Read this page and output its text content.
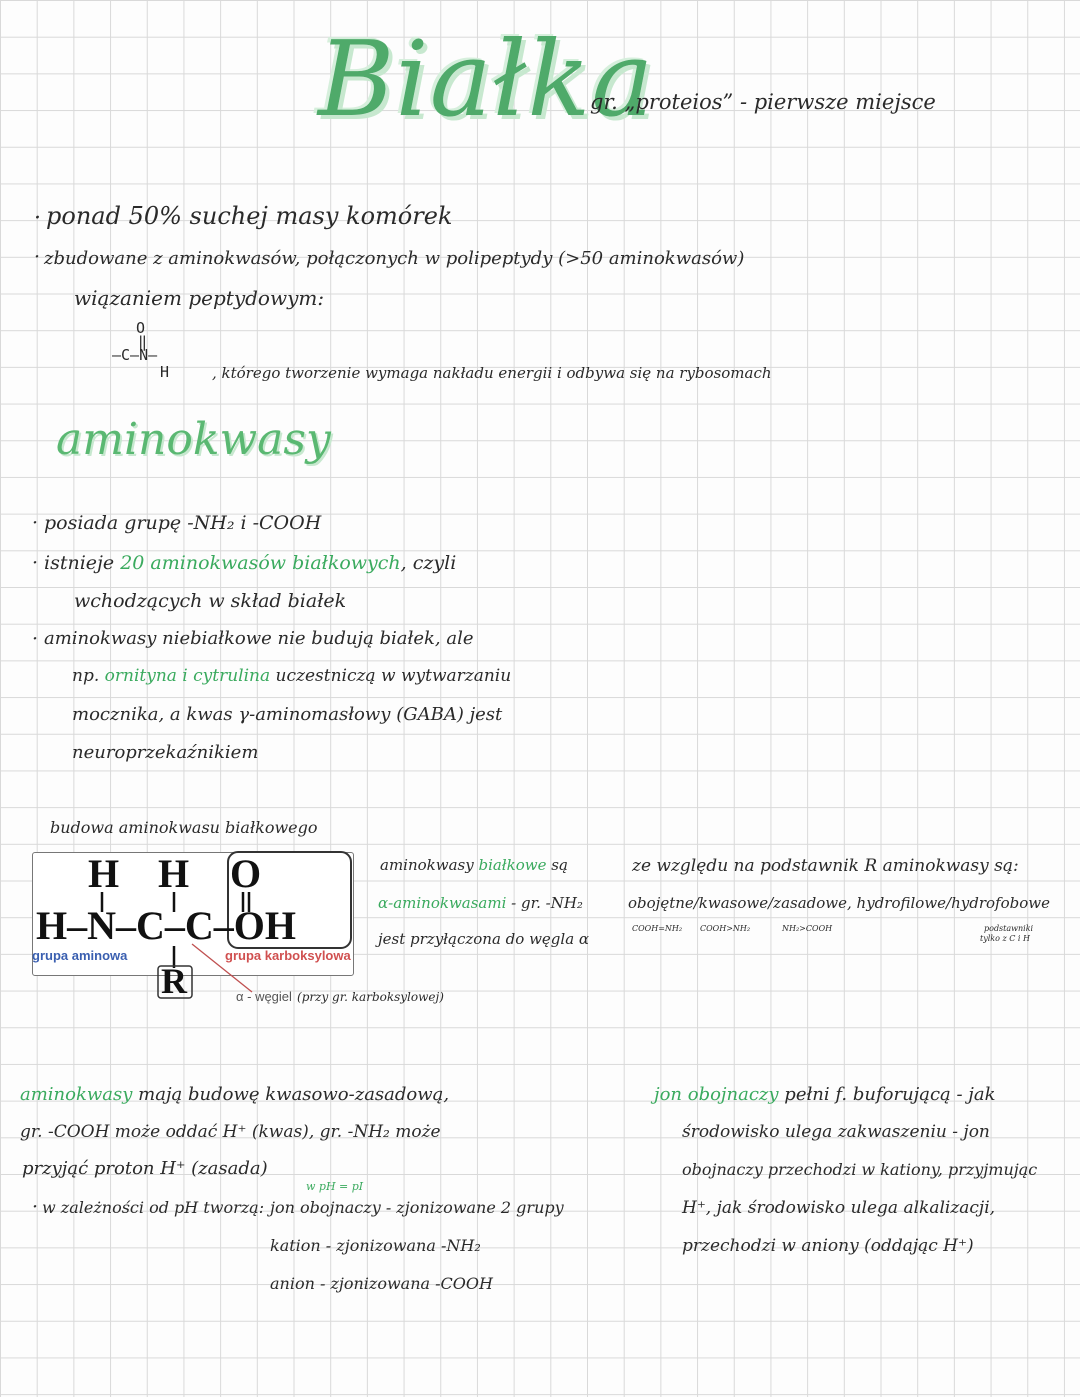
Białka
gr. „proteios” - pierwsze miejsce
· ponad 50% suchej masy komórek
· zbudowane z aminokwasów, połączonych w polipeptydy (>50 aminokwasów)
wiązaniem peptydowym:
O
‖
—C–N—
H	, którego tworzenie wymaga nakładu energii i odbywa się na rybosomach
aminokwasy
· posiada grupę -NH₂ i -COOH
· istnieje 20 aminokwasów białkowych, czyli
wchodzących w skład białek
· aminokwasy niebiałkowe nie budują białek, ale
np. ornityna i cytrulina uczestniczą w wytwarzaniu
mocznika, a kwas γ-aminomasłowy (GABA) jest
neuroprzekaźnikiem
budowa aminokwasu białkowego
H H O
H–N–C–C–OH
R
grupa aminowa	grupa karboksylowa
α - węgiel (przy gr. karboksylowej)
aminokwasy białkowe są
α-aminokwasami - gr. -NH₂
jest przyłączona do węgla α
ze względu na podstawnik R aminokwasy są:
obojętne/kwasowe/zasadowe, hydrofilowe/hydrofobowe
COOH=NH₂ COOH>NH₂	NH₂>COOH	podstawniki
tylko z C i H
aminokwasy mają budowę kwasowo-zasadową,
gr. -COOH może oddać H⁺ (kwas), gr. -NH₂ może
przyjąć proton H⁺ (zasada)
· w zależności od pH tworzą:
w pH = pI
jon obojnaczy - zjonizowane 2 grupy
kation - zjonizowana -NH₂
anion - zjonizowana -COOH
jon obojnaczy pełni f. buforującą - jak
środowisko ulega zakwaszeniu - jon
obojnaczy przechodzi w kationy, przyjmując
H⁺, jak środowisko ulega alkalizacji,
przechodzi w aniony (oddając H⁺)
